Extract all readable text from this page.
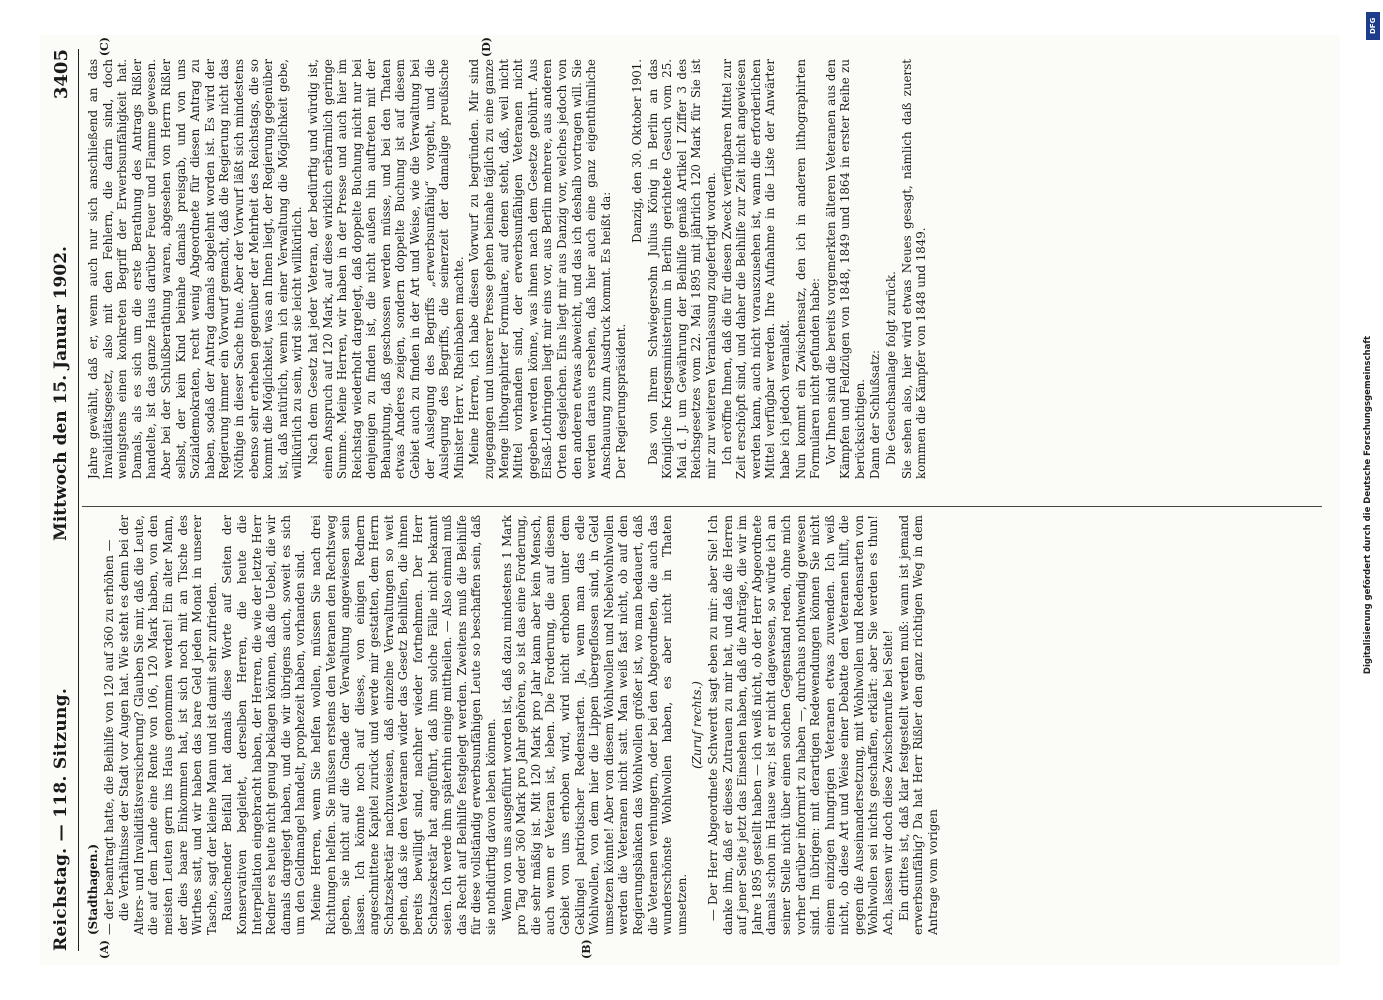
Reichstag. — 118. Sitzung.
Mittwoch den 15. Januar 1902.
3405
(A)	(B)
(C)	(D)

(Stadthagen.) — der beantragt hatte, die Beihilfe von 120 auf 360 zu erhöhen — die Verhältnisse der Stadt vor Augen hat. Wie steht es denn bei der Alters- und Invaliditätsversicherung? Glauben Sie mir, daß die Leute, die auf dem Lande eine Rente von 106, 120 Mark haben, von den meisten Leuten gern ins Haus genommen werden! Ein alter Mann, der dies baare Einkommen hat, ist sich noch mit an Tische des Wirthes satt, und wir haben das bare Geld jeden Monat in unserer Tasche, sagt der kleine Mann und ist damit sehr zufrieden. Rauschender Beifall hat damals diese Worte auf Seiten der Konservativen begleitet, derselben Herren, die heute die Interpellation eingebracht haben, der Herren, die wie der letzte Herr Redner es heute nicht genug beklagen können, daß die Uebel, die wir damals dargelegt haben, und die wir übrigens auch, soweit es sich um den Geldmangel handelt, prophezeit haben, vorhanden sind. Meine Herren, wenn Sie helfen wollen, müssen Sie nach drei Richtungen helfen. Sie müssen erstens den Veteranen den Rechtsweg geben, sie nicht auf die Gnade der Verwaltung angewiesen sein lassen. Ich könnte noch auf dieses, von einigen Rednern angeschnittene Kapitel zurück und werde mir gestatten, dem Herrn Schatzsekretär nachzuweisen, daß einzelne Verwaltungen so weit gehen, daß sie den Veteranen wider das Gesetz Beihilfen, die ihnen bereits bewilligt sind, nachher wieder fortnehmen. Der Herr Schatzsekretär hat angeführt, daß ihm solche Fälle nicht bekannt seien. Ich werde ihm späterhin einige mittheilen. — Also einmal muß das Recht auf Beihilfe festgelegt werden. Zweitens muß die Beihilfe für diese vollständig erwerbsunfähigen Leute so beschaffen sein, daß sie nothdürftig davon leben können. Wenn von uns ausgeführt worden ist, daß dazu mindestens 1 Mark pro Tag oder 360 Mark pro Jahr gehören, so ist das eine Forderung, die sehr mäßig ist. Mit 120 Mark pro Jahr kann aber kein Mensch, auch wenn er Veteran ist, leben. Die Forderung, die auf diesem Gebiet von uns erhoben wird, wird nicht erhoben unter dem Geklingel patriotischer Redensarten. Ja, wenn man das edle Wohlwollen, von dem hier die Lippen übergeflossen sind, in Geld umsetzen könnte! Aber von diesem Wohlwollen und Nebelwohlwollen werden die Veteranen nicht satt. Man weiß fast nicht, ob auf den Regierungsbänken das Wohlwollen größer ist, wo man bedauert, daß die Veteranen verhungern, oder bei den Abgeordneten, die auch das wunderschönste Wohlwollen haben, es aber nicht in Thaten umsetzen.

(Zuruf rechts.) — Der Herr Abgeordnete Schwerdt sagt eben zu mir: aber Sie! Ich danke ihm, daß er dieses Zutrauen zu mir hat, und daß die Herren auf jener Seite jetzt das Einsehen haben, daß die Anträge, die wir im Jahre 1895 gestellt haben — ich weiß nicht, ob der Herr Abgeordnete damals schon im Hause war; ist er nicht dagewesen, so würde ich an seiner Stelle nicht über einen solchen Gegenstand reden, ohne mich vorher darüber informirt zu haben —, durchaus nothwendig gewesen sind. Im übrigen: mit derartigen Redewendungen können Sie nicht einem einzigen hungrigen Veteranen etwas zuwenden. Ich weiß nicht, ob diese Art und Weise einer Debatte den Veteranen hilft, die gegen die Auseinandersetzung, mit Wohlwollen und Redensarten von Wohlwollen sei nichts geschaffen, erklärt: aber Sie werden es thun! Ach, lassen wir doch diese Zwischenrufe bei Seite! Ein drittes ist, daß klar festgestellt werden muß: wann ist jemand erwerbsunfähig? Da hat Herr Rißler den ganz richtigen Weg in dem Antrage vom vorigen

Jahre gewählt, daß er, wenn auch nur sich anschließend an das Invaliditätsgesetz, also mit den Fehlern, die darin sind, doch wenigstens einen konkreten Begriff der Erwerbsunfähigkeit hat. Damals, als es sich um die erste Berathung des Antrags Rißler handelte, ist das ganze Haus darüber Feuer und Flamme gewesen. Aber bei der Schlußberathung waren, abgesehen von Herrn Rißler selbst, der kein Kind beinahe damals preisgab, und von uns Sozialdemokraten, recht wenig Abgeordnete für diesen Antrag zu haben, sodaß der Antrag damals abgelehnt worden ist. Es wird der Regierung immer ein Vorwurf gemacht, daß die Regierung nicht das Nöthige in dieser Sache thue. Aber der Vorwurf läßt sich mindestens ebenso sehr erheben gegenüber der Mehrheit des Reichstags, die so kommt die Möglichkeit, was an Ihnen liegt, der Regierung gegenüber ist, daß natürlich, wenn ich einer Verwaltung die Möglichkeit gebe, willkürlich zu sein, wird sie leicht willkürlich. Nach dem Gesetz hat jeder Veteran, der bedürftig und würdig ist, einen Anspruch auf 120 Mark, auf diese wirklich erbärmlich geringe Summe. Meine Herren, wir haben in der Presse und auch hier im Reichstag wiederholt dargelegt, daß doppelte Buchung nicht nur bei denjenigen zu finden ist, die nicht außen hin auftreten mit der Behauptung, daß geschossen werden müsse, und bei den Thaten etwas Anderes zeigen, sondern doppelte Buchung ist auf diesem Gebiet auch zu finden in der Art und Weise, wie die Verwaltung bei der Auslegung des Begriffs „erwerbsunfähig“ vorgeht, und die Auslegung des Begriffs, die seinerzeit der damalige preußische Minister Herr v. Rheinbaben machte. Meine Herren, ich habe diesen Vorwurf zu begründen. Mir sind zugegangen und unserer Presse gehen beinahe täglich zu eine ganze Menge lithographirter Formulare, auf denen steht, daß, weil nicht Mittel vorhanden sind, der erwerbsunfähigen Veteranen nicht gegeben werden könne, was ihnen nach dem Gesetze gebührt. Aus Elsaß-Lothringen liegt mir eins vor, aus Berlin mehrere, aus anderen Orten desgleichen. Eins liegt mir aus Danzig vor, welches jedoch von den anderen etwas abweicht, und das ich deshalb vortragen will. Sie werden daraus ersehen, daß hier auch eine ganz eigenthümliche Anschauung zum Ausdruck kommt. Es heißt da: Der Regierungspräsident.

Danzig, den 30. Oktober 1901. Das von Ihrem Schwiegersohn Julius König in Berlin an das Königliche Kriegsministerium in Berlin gerichtete Gesuch vom 25. Mai d. J. um Gewährung der Beihilfe gemäß Artikel I Ziffer 3 des Reichsgesetzes vom 22. Mai 1895 mit jährlich 120 Mark für Sie ist mir zur weiteren Veranlassung zugefertigt worden. Ich eröffne Ihnen, daß die für diesen Zweck verfügbaren Mittel zur Zeit erschöpft sind, und daher die Beihilfe zur Zeit nicht angewiesen werden kann, auch nicht vorauszusehen ist, wann die erforderlichen Mittel verfügbar werden. Ihre Aufnahme in die Liste der Anwärter habe ich jedoch veranlaßt. Nun kommt ein Zwischensatz, den ich in anderen lithographirten Formularen nicht gefunden habe: Vor Ihnen sind die bereits vorgemerkten älteren Veteranen aus den Kämpfen und Feldzügen von 1848, 1849 und 1864 in erster Reihe zu berücksichtigen. Dann der Schlußsatz: Die Gesuchsanlage folgt zurück. Sie sehen also, hier wird etwas Neues gesagt, nämlich daß zuerst kommen die Kämpfer von 1848 und 1849.	Digitalisierung gefördert durch die Deutsche Forschungsgemeinschaft
DFG
